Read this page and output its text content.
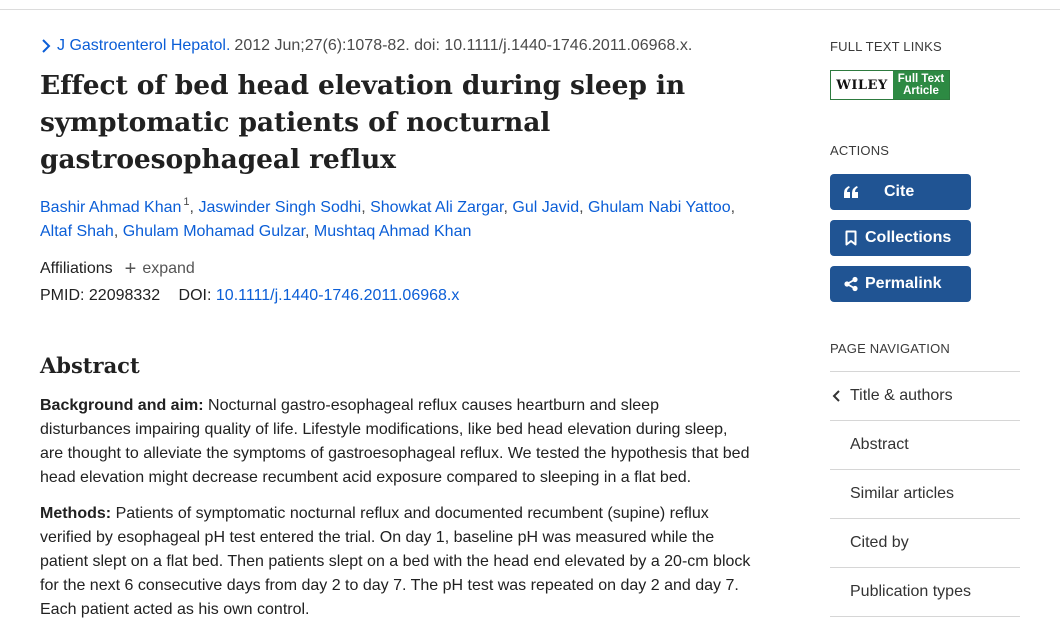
J Gastroenterol Hepatol. 2012 Jun;27(6):1078-82. doi: 10.1111/j.1440-1746.2011.06968.x.
Effect of bed head elevation during sleep in symptomatic patients of nocturnal gastroesophageal reflux
Bashir Ahmad Khan $^1$, Jaswinder Singh Sodhi, Showkat Ali Zargar, Gul Javid, Ghulam Nabi Yattoo, Altaf Shah, Ghulam Mohamad Gulzar, Mushtaq Ahmad Khan
Affiliations + expand
PMID: 22098332 DOI: 10.1111/j.1440-1746.2011.06968.x
Abstract

Background and aim: Nocturnal gastro-esophageal reflux causes heartburn and sleep disturbances impairing quality of life. Lifestyle modifications, like bed head elevation during sleep, are thought to alleviate the symptoms of gastroesophageal reflux. We tested the hypothesis that bed head elevation might decrease recumbent acid exposure compared to sleeping in a flat bed.

Methods: Patients of symptomatic nocturnal reflux and documented recumbent (supine) reflux verified by esophageal pH test entered the trial. On day 1, baseline pH was measured while the patient slept on a flat bed. Then patients slept on a bed with the head end elevated by a 20-cm block for the next 6 consecutive days from day 2 to day 7. The pH test was repeated on day 2 and day 7. Each patient acted as his own control.

FULL TEXT LINKS
WILEY Full Text
Article
ACTIONS
Cite
Collections
Permalink
PAGE NAVIGATION
Title & authors
Abstract
Similar articles
Cited by
Publication types
